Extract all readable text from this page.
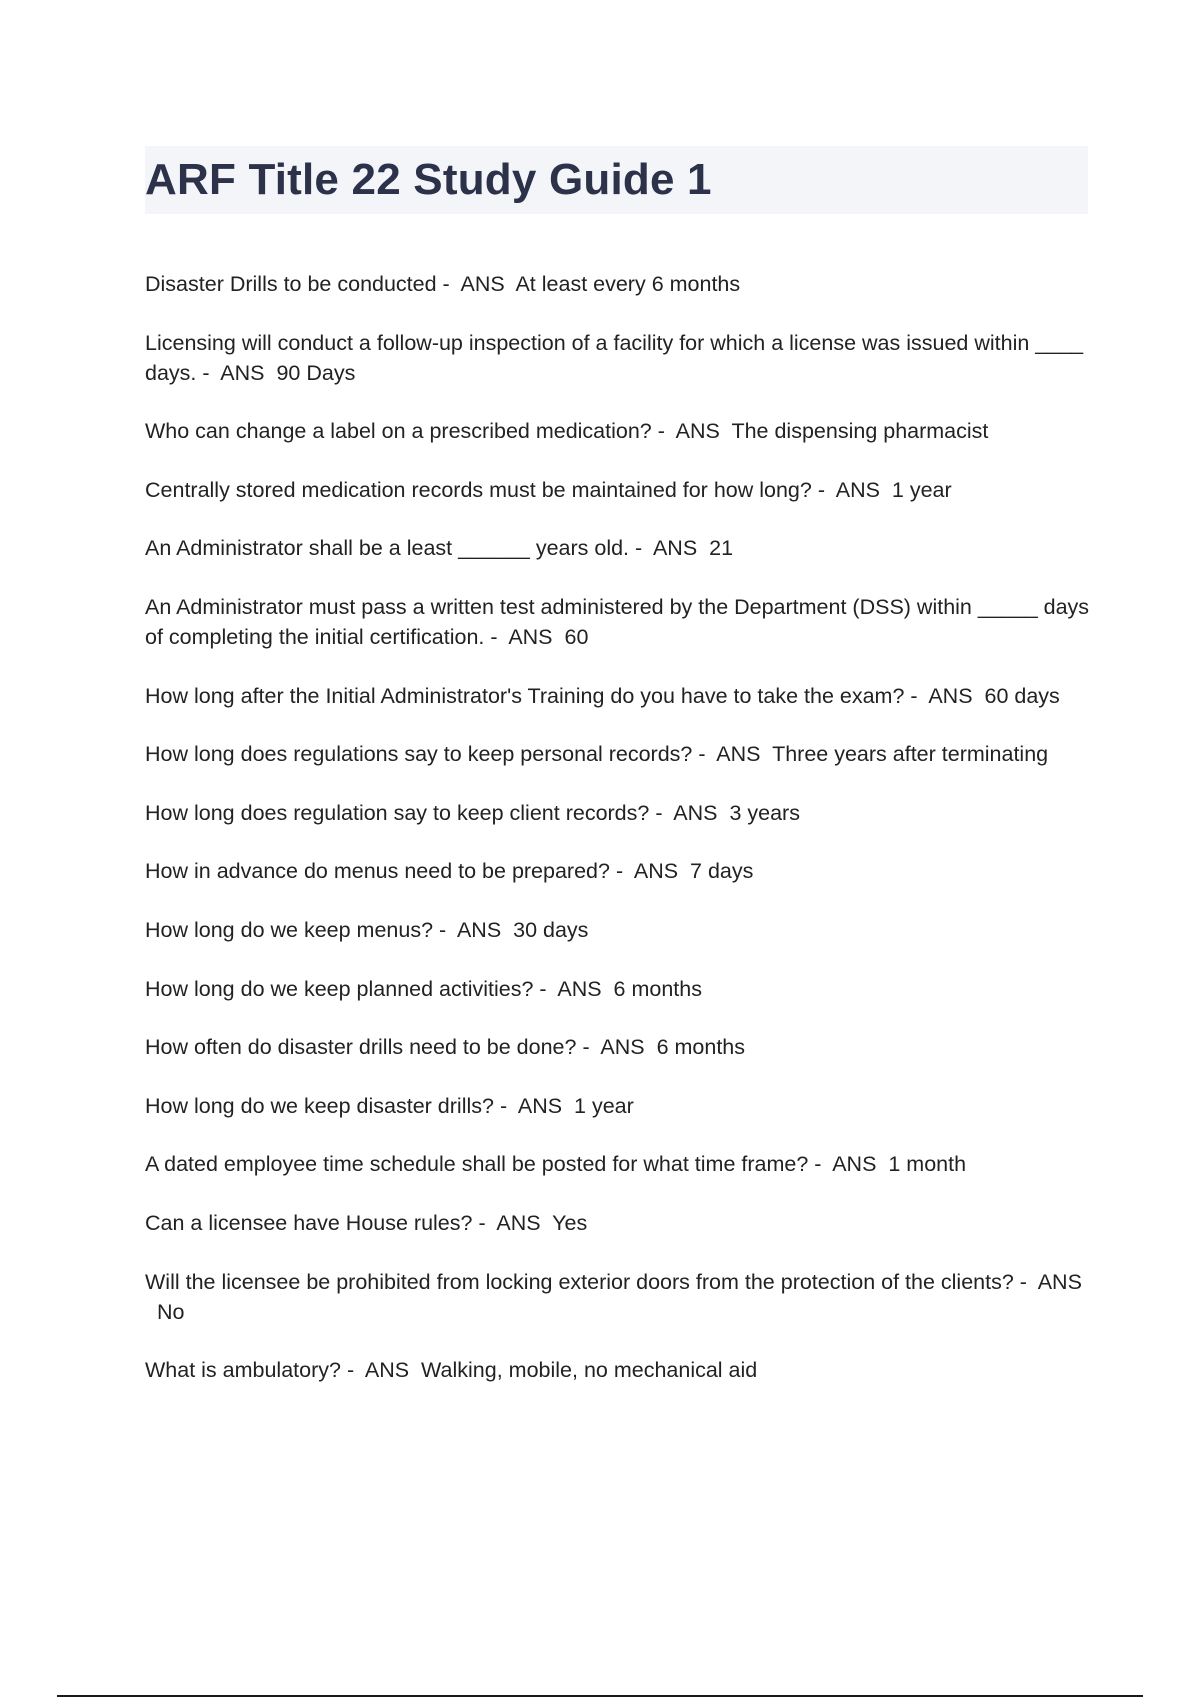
ARF Title 22 Study Guide 1
Disaster Drills to be conducted -  ANS At least every 6 months
Licensing will conduct a follow-up inspection of a facility for which a license was issued within ____ days. -  ANS 90 Days
Who can change a label on a prescribed medication? -  ANS The dispensing pharmacist
Centrally stored medication records must be maintained for how long? -  ANS 1 year
An Administrator shall be a least ______ years old. -  ANS 21
An Administrator must pass a written test administered by the Department (DSS) within _____ days of completing the initial certification. -  ANS 60
How long after the Initial Administrator's Training do you have to take the exam? -  ANS 60 days
How long does regulations say to keep personal records? -  ANS Three years after terminating
How long does regulation say to keep client records? -  ANS 3 years
How in advance do menus need to be prepared? -  ANS 7 days
How long do we keep menus? -  ANS 30 days
How long do we keep planned activities? -  ANS 6 months
How often do disaster drills need to be done? -  ANS 6 months
How long do we keep disaster drills? -  ANS 1 year
A dated employee time schedule shall be posted for what time frame? -  ANS 1 month
Can a licensee have House rules? -  ANS Yes
Will the licensee be prohibited from locking exterior doors from the protection of the clients? -  ANS  No
What is ambulatory? -  ANS Walking, mobile, no mechanical aid
